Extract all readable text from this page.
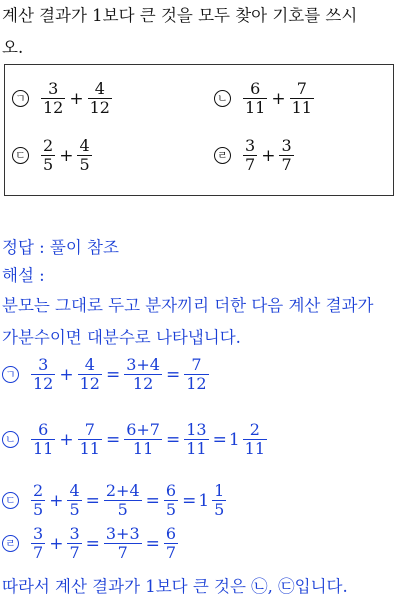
계산 결과가 1보다 큰 것을 모두 찾아 기호를 쓰시
오.
정답 : 풀이 참조
해설 :
분모는 그대로 두고 분자끼리 더한 다음 계산 결과가
가분수이면 대분수로 나타냅니다.
따라서 계산 결과가 1보다 큰 것은 ㉡, ㉢입니다.
ㄱ $\frac{3}{12} + \frac{4}{12}$	ㄴ $\frac{6}{11} + \frac{7}{11}$
ㄷ $\frac{2}{5} + \frac{4}{5}$	ㄹ $\frac{3}{7} + \frac{3}{7}$
ㄱ $\frac{3}{12} + \frac{4}{12} = \frac{3+4}{12} = \frac{7}{12}$
ㄴ $\frac{6}{11} + \frac{7}{11} = \frac{6+7}{11} = \frac{13}{11} = 1 \frac{2}{11}$
ㄷ $\frac{2}{5} + \frac{4}{5} = \frac{2+4}{5} = \frac{6}{5} = 1 \frac{1}{5}$
ㄹ $\frac{3}{7} + \frac{3}{7} = \frac{3+3}{7} = \frac{6}{7}$
